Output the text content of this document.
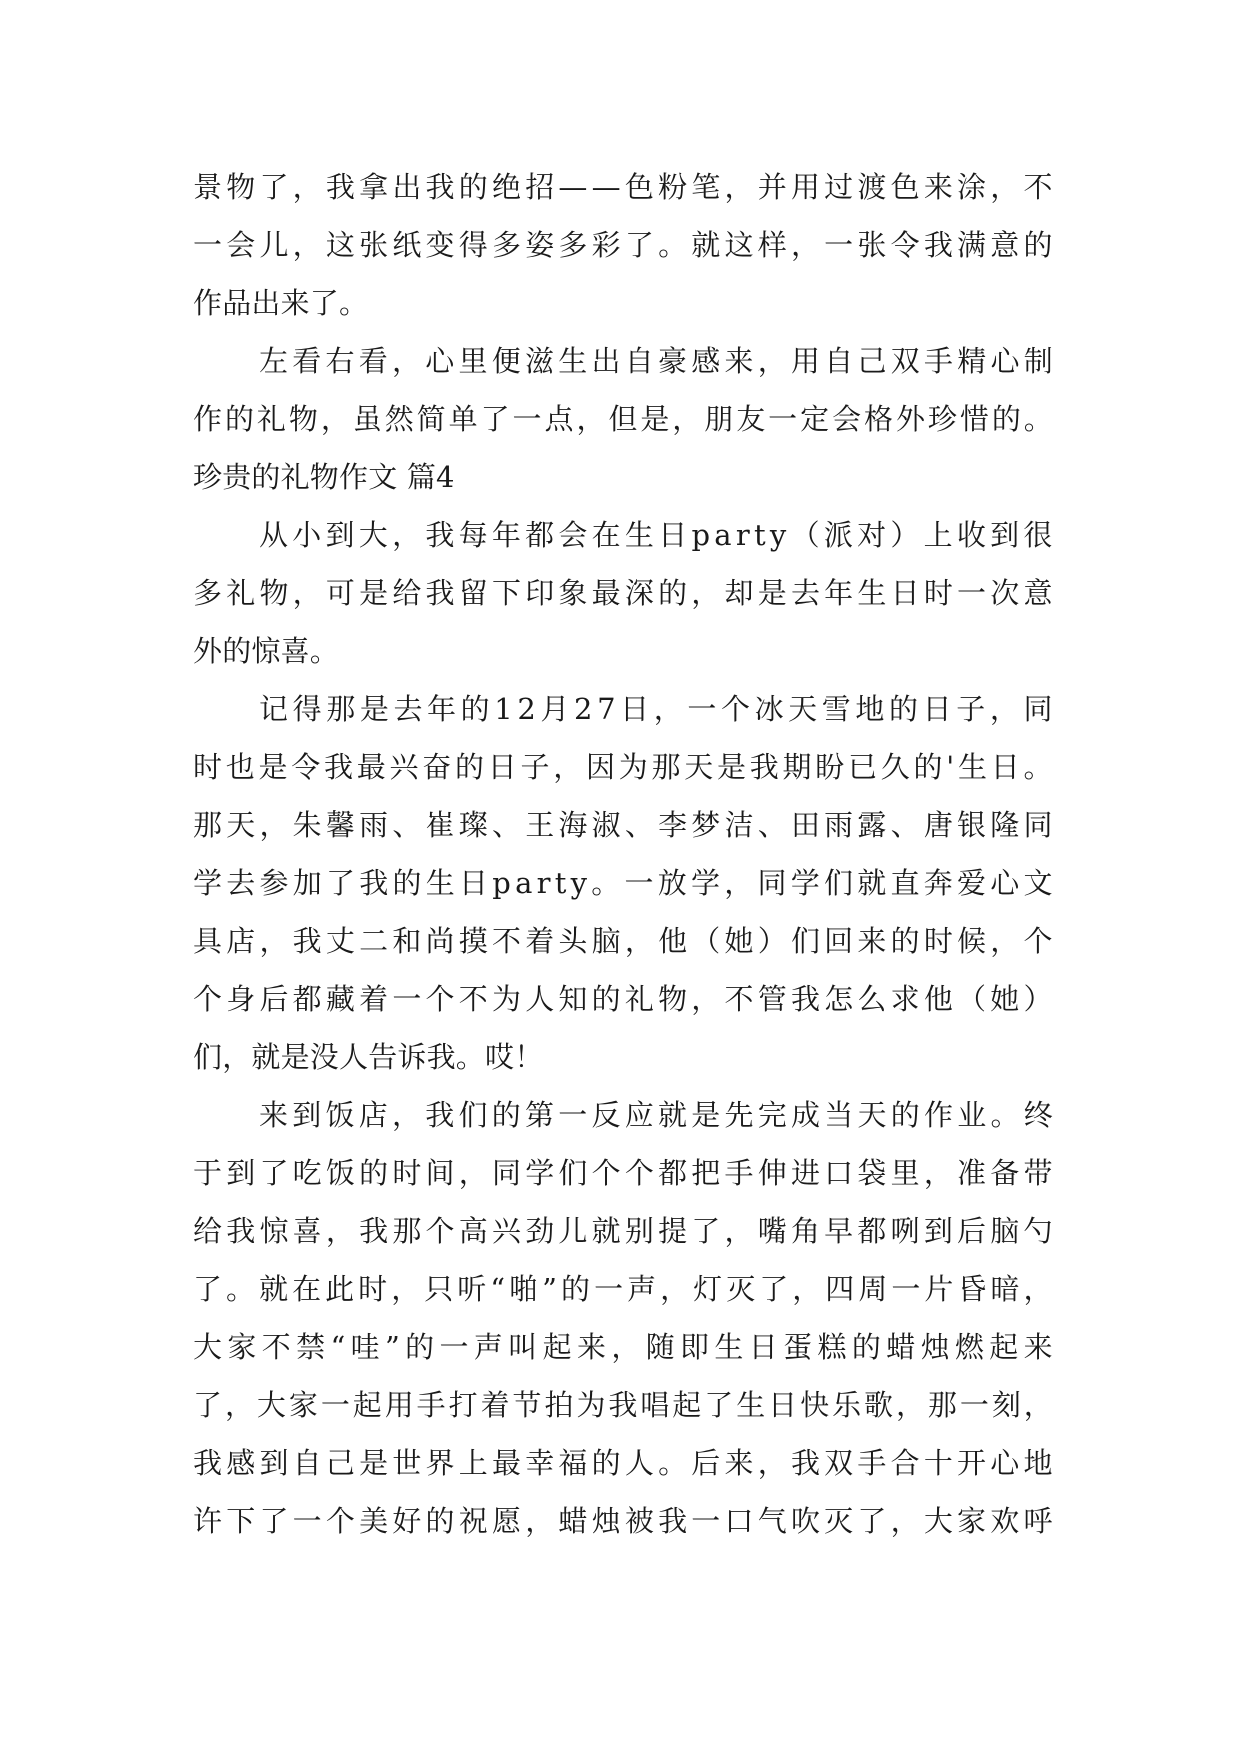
景 物 了 ， 我 拿 出 我 的 绝 招 — — 色 粉 笔 ， 并 用 过 渡 色 来 涂 ， 不
一 会 儿 ， 这 张 纸 变 得 多 姿 多 彩 了 。 就 这 样 ， 一 张 令 我 满 意 的
作品出来了。
左 看 右 看 ， 心 里 便 滋 生 出 自 豪 感 来 ， 用 自 己 双 手 精 心 制
作 的 礼 物 ， 虽 然 简 单 了 一 点 ， 但 是 ， 朋 友 一 定 会 格 外 珍 惜 的 。
珍贵的礼物作文 篇4
从 小 到 大 ， 我 每 年 都 会 在 生 日 p a r t y （ 派 对 ） 上 收 到 很
多 礼 物 ， 可 是 给 我 留 下 印 象 最 深 的 ， 却 是 去 年 生 日 时 一 次 意
外的惊喜。
记 得 那 是 去 年 的 1 2 月 2 7 日 ， 一 个 冰 天 雪 地 的 日 子 ， 同
时 也 是 令 我 最 兴 奋 的 日 子 ， 因 为 那 天 是 我 期 盼 已 久 的 ' 生 日 。
那 天 ， 朱 馨 雨 、 崔 璨 、 王 海 淑 、 李 梦 洁 、 田 雨 露 、 唐 银 隆 同
学 去 参 加 了 我 的 生 日 p a r t y 。 一 放 学 ， 同 学 们 就 直 奔 爱 心 文
具 店 ， 我 丈 二 和 尚 摸 不 着 头 脑 ， 他 （ 她 ） 们 回 来 的 时 候 ， 个
个 身 后 都 藏 着 一 个 不 为 人 知 的 礼 物 ， 不 管 我 怎 么 求 他 （ 她 ）
们，就是没人告诉我。哎！
来 到 饭 店 ， 我 们 的 第 一 反 应 就 是 先 完 成 当 天 的 作 业 。 终
于 到 了 吃 饭 的 时 间 ， 同 学 们 个 个 都 把 手 伸 进 口 袋 里 ， 准 备 带
给 我 惊 喜 ， 我 那 个 高 兴 劲 儿 就 别 提 了 ， 嘴 角 早 都 咧 到 后 脑 勺
了 。 就 在 此 时 ， 只 听 “ 啪 ” 的 一 声 ， 灯 灭 了 ， 四 周 一 片 昏 暗 ，
大 家 不 禁 “ 哇 ” 的 一 声 叫 起 来 ， 随 即 生 日 蛋 糕 的 蜡 烛 燃 起 来
了 ， 大 家 一 起 用 手 打 着 节 拍 为 我 唱 起 了 生 日 快 乐 歌 ， 那 一 刻 ，
我 感 到 自 己 是 世 界 上 最 幸 福 的 人 。 后 来 ， 我 双 手 合 十 开 心 地
许 下 了 一 个 美 好 的 祝 愿 ， 蜡 烛 被 我 一 口 气 吹 灭 了 ， 大 家 欢 呼
